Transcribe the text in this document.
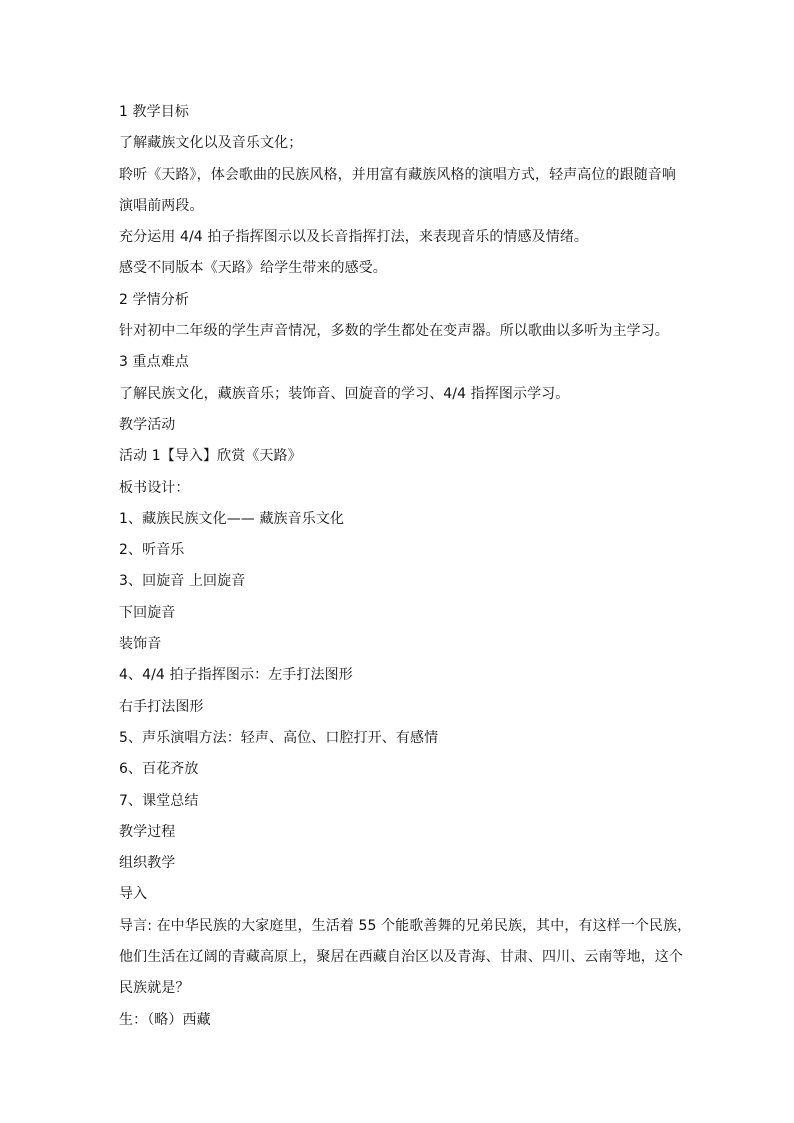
1 教学目标
了解藏族文化以及音乐文化；
聆听《天路》，体会歌曲的民族风格，并用富有藏族风格的演唱方式，轻声高位的跟随音响
演唱前两段。
充分运用 4/4 拍子指挥图示以及长音指挥打法，来表现音乐的情感及情绪。
感受不同版本《天路》给学生带来的感受。
2 学情分析
针对初中二年级的学生声音情况，多数的学生都处在变声器。所以歌曲以多听为主学习。
3 重点难点
了解民族文化，藏族音乐；装饰音、回旋音的学习、4/4 指挥图示学习。
教学活动
活动 1【导入】欣赏《天路》
板书设计：
1、藏族民族文化—— 藏族音乐文化
2、听音乐
3、回旋音 上回旋音
下回旋音
装饰音
4、4/4 拍子指挥图示：左手打法图形
右手打法图形
5、声乐演唱方法：轻声、高位、口腔打开、有感情
6、百花齐放
7、课堂总结
教学过程
组织教学
导入
导言: 在中华民族的大家庭里，生活着 55 个能歌善舞的兄弟民族，其中，有这样一个民族，
他们生活在辽阔的青藏高原上，聚居在西藏自治区以及青海、甘肃、四川、云南等地，这个
民族就是？
生：（略）西藏
